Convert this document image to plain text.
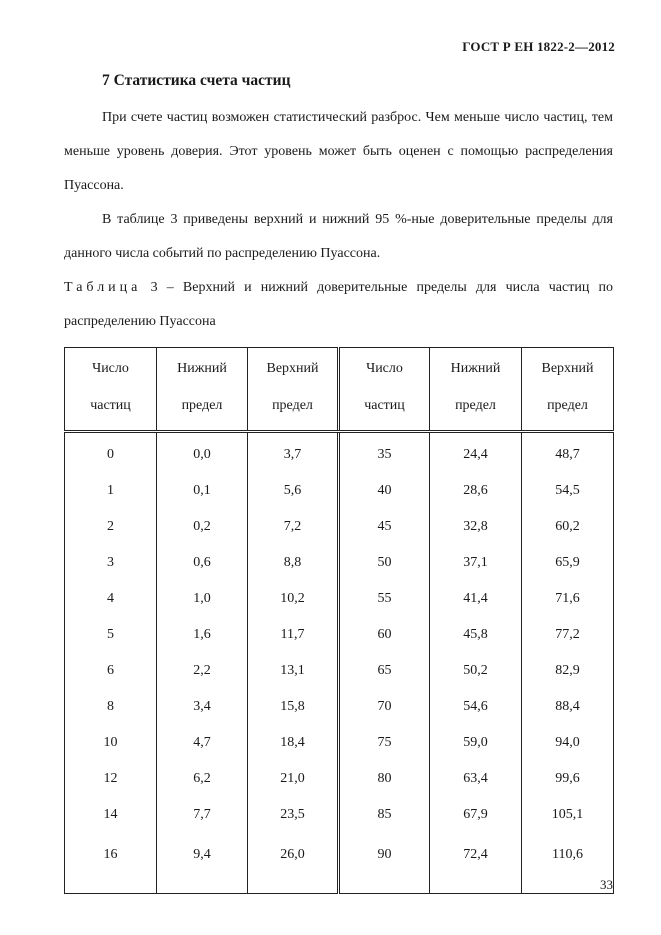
ГОСТ Р ЕН 1822-2—2012
7 Статистика счета частиц

При счете частиц возможен статистический разброс. Чем меньше число частиц, тем меньше уровень доверия. Этот уровень может быть оценен с помощью распределения Пуассона.

В таблице 3 приведены верхний и нижний 95 %-ные доверительные пределы для данного числа событий по распределению Пуассона.

Таблица 3 – Верхний и нижний доверительные пределы для числа частиц по распределению Пуассона

Число	Нижний	Верхний	Число	Нижний	Верхний
частиц	предел	предел	частиц	предел	предел
0	0,0	3,7	35	24,4	48,7
1	0,1	5,6	40	28,6	54,5
2	0,2	7,2	45	32,8	60,2
3	0,6	8,8	50	37,1	65,9
4	1,0	10,2	55	41,4	71,6
5	1,6	11,7	60	45,8	77,2
6	2,2	13,1	65	50,2	82,9
8	3,4	15,8	70	54,6	88,4
10	4,7	18,4	75	59,0	94,0
12	6,2	21,0	80	63,4	99,6
14	7,7	23,5	85	67,9	105,1
16	9,4	26,0	90	72,4	110,6
33
